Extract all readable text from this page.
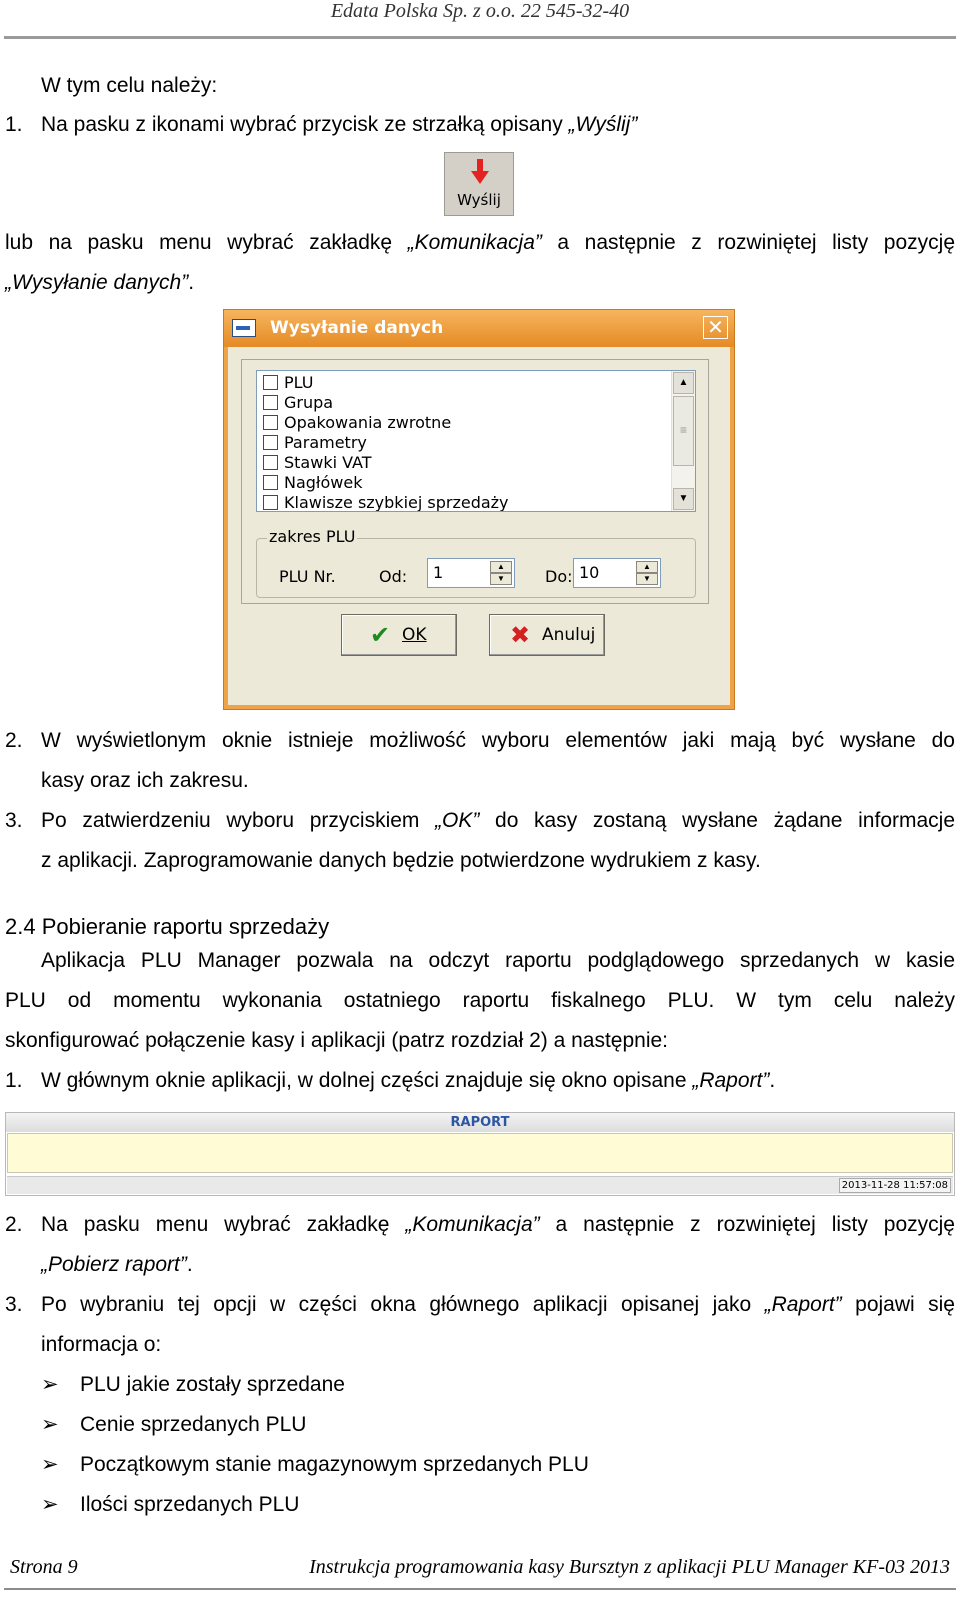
Edata Polska Sp. z o.o. 22 545-32-40
W tym celu należy:
1. Na pasku z ikonami wybrać przycisk ze strzałką opisany „Wyślij”
Wyślij
lub na pasku menu wybrać zakładkę „Komunikacja” a następnie z rozwiniętej listy pozycję
„Wysyłanie danych”.
Wysyłanie danych	✕
PLU
Grupa
Opakowania zwrotne
Parametry
Stawki VAT
Nagłówek
Klawisze szybkiej sprzedaży
▲
≡
▼
zakres PLU
PLU Nr.	Od: 1	▲
▼	Do: 10	▲
▼
✔ OK	✖ Anuluj
2. W wyświetlonym oknie istnieje możliwość wyboru elementów jaki mają być wysłane do
kasy oraz ich zakresu.
3. Po zatwierdzeniu wyboru przyciskiem „OK” do kasy zostaną wysłane żądane informacje
z aplikacji. Zaprogramowanie danych będzie potwierdzone wydrukiem z kasy.
2.4 Pobieranie raportu sprzedaży
Aplikacja PLU Manager pozwala na odczyt raportu podglądowego sprzedanych w kasie
PLU od momentu wykonania ostatniego raportu fiskalnego PLU. W tym celu należy
skonfigurować połączenie kasy i aplikacji (patrz rozdział 2) a następnie:
1. W głównym oknie aplikacji, w dolnej części znajduje się okno opisane „Raport”.
RAPORT
2013-11-28 11:57:08
2. Na pasku menu wybrać zakładkę „Komunikacja” a następnie z rozwiniętej listy pozycję
„Pobierz raport”.
3. Po wybraniu tej opcji w części okna głównego aplikacji opisanej jako „Raport” pojawi się
informacja o:
➢ PLU jakie zostały sprzedane
➢ Cenie sprzedanych PLU
➢ Początkowym stanie magazynowym sprzedanych PLU
➢ Ilości sprzedanych PLU
Strona 9	Instrukcja programowania kasy Bursztyn z aplikacji PLU Manager KF-03 2013
